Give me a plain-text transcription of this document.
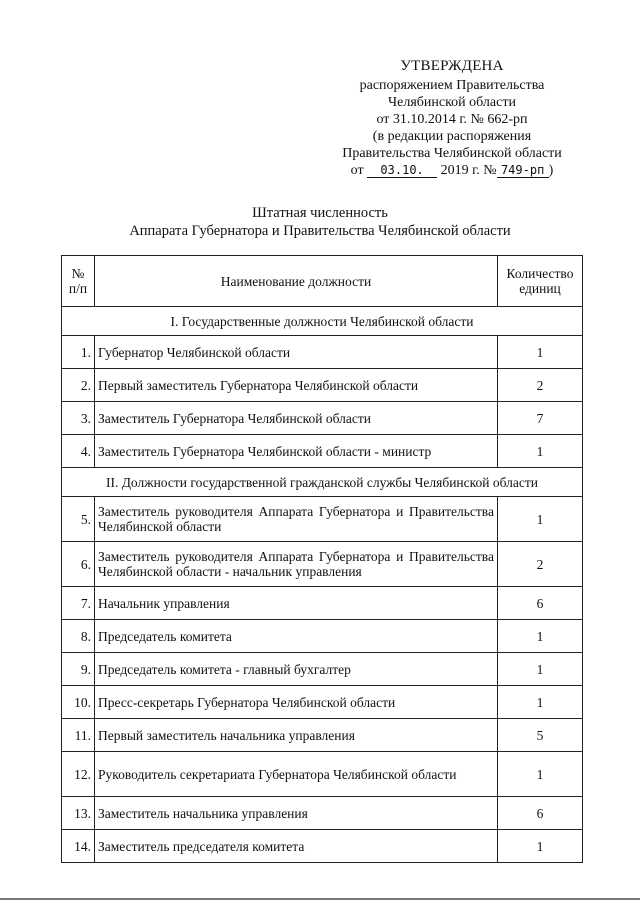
УТВЕРЖДЕНА
распоряжением Правительства
Челябинской области
от 31.10.2014 г. № 662-рп
(в редакции распоряжения
Правительства Челябинской области
от 03.10. 2019 г. № 749-рп )
Штатная численность
Аппарата Губернатора и Правительства Челябинской области
№ п/п	Наименование должности	Количество единиц
I. Государственные должности Челябинской области		
1.	Губернатор Челябинской области	1
2.	Первый заместитель Губернатора Челябинской области	2
3.	Заместитель Губернатора Челябинской области	7
4.	Заместитель Губернатора Челябинской области - министр	1
II. Должности государственной гражданской службы Челябинской области		
5.	Заместитель руководителя Аппарата Губернатора и Правительства Челябинской области	1
6.	Заместитель руководителя Аппарата Губернатора и Правительства Челябинской области - начальник управления	2
7.	Начальник управления	6
8.	Председатель комитета	1
9.	Председатель комитета - главный бухгалтер	1
10.	Пресс-секретарь Губернатора Челябинской области	1
11.	Первый заместитель начальника управления	5
12.	Руководитель секретариата Губернатора Челябинской области	1
13.	Заместитель начальника управления	6
14.	Заместитель председателя комитета	1
